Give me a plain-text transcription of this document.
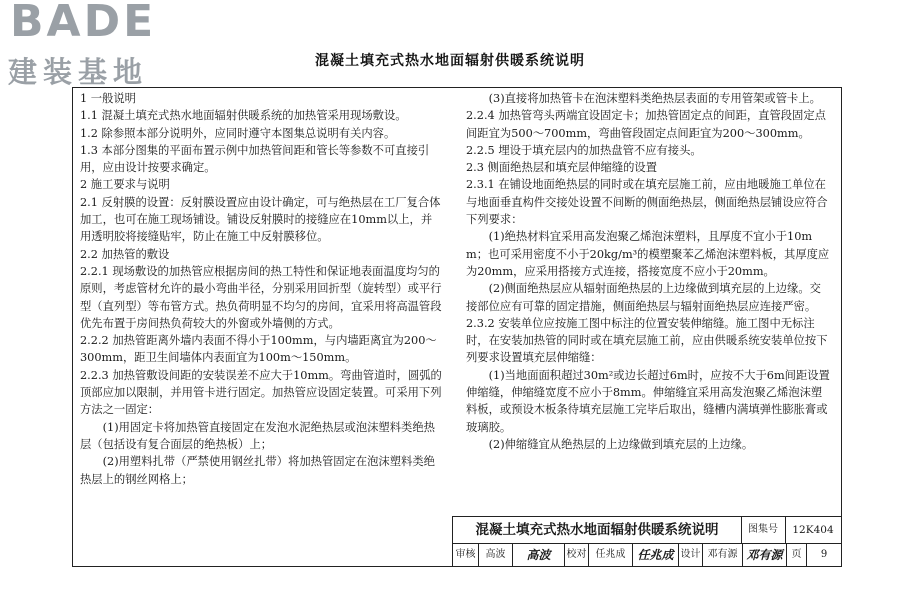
BADE
建装基地	混凝土填充式热水地面辐射供暖系统说明

1 一般说明

1.1 混凝土填充式热水地面辐射供暖系统的加热管采用现场敷设。

1.2 除参照本部分说明外，应同时遵守本图集总说明有关内容。

1.3 本部分图集的平面布置示例中加热管间距和管长等参数不可直接引用，应由设计按要求确定。

2 施工要求与说明

2.1 反射膜的设置：反射膜设置应由设计确定，可与绝热层在工厂复合体加工，也可在施工现场铺设。铺设反射膜时的接缝应在10mm以上，并用透明胶将接缝贴牢，防止在施工中反射膜移位。

2.2 加热管的敷设

2.2.1 现场敷设的加热管应根据房间的热工特性和保证地表面温度均匀的原则，考虑管材允许的最小弯曲半径，分别采用回折型（旋转型）或平行型（直列型）等布管方式。热负荷明显不均匀的房间，宜采用将高温管段优先布置于房间热负荷较大的外窗或外墙侧的方式。

2.2.2 加热管距离外墙内表面不得小于100mm，与内墙距离宜为200～300mm，距卫生间墙体内表面宜为100m～150mm。

2.2.3 加热管敷设间距的安装误差不应大于10mm。弯曲管道时，圆弧的顶部应加以限制，并用管卡进行固定。加热管应设固定装置。可采用下列方法之一固定：

(1)用固定卡将加热管直接固定在发泡水泥绝热层或泡沫塑料类绝热层（包括设有复合面层的绝热板）上；

(2)用塑料扎带（严禁使用钢丝扎带）将加热管固定在泡沫塑料类绝热层上的钢丝网格上；

(3)直接将加热管卡在泡沫塑料类绝热层表面的专用管架或管卡上。

2.2.4 加热管弯头两端宜设固定卡；加热管固定点的间距，直管段固定点间距宜为500～700mm，弯曲管段固定点间距宜为200～300mm。

2.2.5 埋设于填充层内的加热盘管不应有接头。

2.3 侧面绝热层和填充层伸缩缝的设置

2.3.1 在铺设地面绝热层的同时或在填充层施工前，应由地暖施工单位在与地面垂直构件交接处设置不间断的侧面绝热层，侧面绝热层铺设应符合下列要求：

(1)绝热材料宜采用高发泡聚乙烯泡沫塑料，且厚度不宜小于10mm；也可采用密度不小于20kg/m³的模塑聚苯乙烯泡沫塑料板，其厚度应为20mm，应采用搭接方式连接，搭接宽度不应小于20mm。

(2)侧面绝热层应从辐射面绝热层的上边缘做到填充层的上边缘。交接部位应有可靠的固定措施，侧面绝热层与辐射面绝热层应连接严密。

2.3.2 安装单位应按施工图中标注的位置安装伸缩缝。施工图中无标注时，在安装加热管的同时或在填充层施工前，应由供暖系统安装单位按下列要求设置填充层伸缩缝：

(1)当地面面积超过30m²或边长超过6m时，应按不大于6m间距设置伸缩缝，伸缩缝宽度不应小于8mm。伸缩缝宜采用高发泡聚乙烯泡沫塑料板，或预设木板条待填充层施工完毕后取出，缝槽内满填弹性膨胀膏或玻璃胶。

(2)伸缩缝宜从绝热层的上边缘做到填充层的上边缘。

混凝土填充式热水地面辐射供暖系统说明	图集号	12K404
审核	高波	高波	校对 任兆成 任兆成 设计 邓有源 邓有源 页	9
